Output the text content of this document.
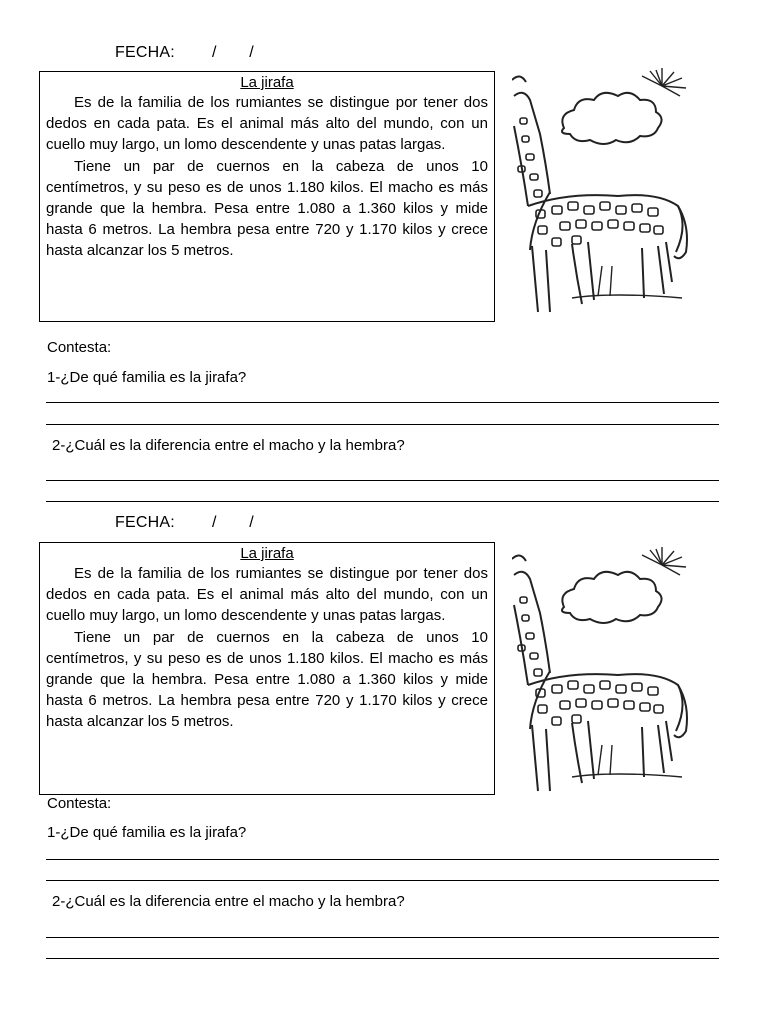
FECHA:        /       /
La jirafa

Es de la familia de los rumiantes se distingue por tener dos dedos en cada pata. Es el animal más alto del mundo, con un cuello muy largo, un lomo descendente y unas patas largas.

Tiene un par de cuernos en la cabeza de unos 10 centímetros, y su peso es de unos 1.180 kilos. El macho es más grande que la hembra. Pesa entre 1.080 a 1.360 kilos y mide hasta 6 metros. La hembra pesa entre 720 y 1.170 kilos y crece hasta alcanzar los 5 metros.

Contesta:
1-¿De qué familia es la jirafa?
2-¿Cuál es la diferencia entre el macho y la hembra?
FECHA:        /       /
La jirafa

Es de la familia de los rumiantes se distingue por tener dos dedos en cada pata. Es el animal más alto del mundo, con un cuello muy largo, un lomo descendente y unas patas largas.

Tiene un par de cuernos en la cabeza de unos 10 centímetros, y su peso es de unos 1.180 kilos. El macho es más grande que la hembra. Pesa entre 1.080 a 1.360 kilos y mide hasta 6 metros. La hembra pesa entre 720 y 1.170 kilos y crece hasta alcanzar los 5 metros.

Contesta:
1-¿De qué familia es la jirafa?
2-¿Cuál es la diferencia entre el macho y la hembra?
